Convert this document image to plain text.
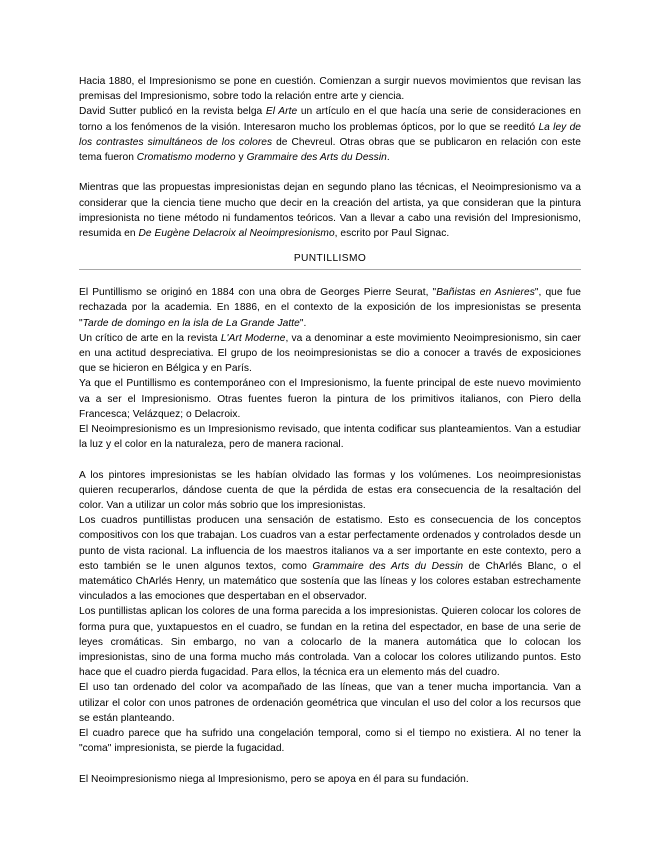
Hacia 1880, el Impresionismo se pone en cuestión. Comienzan a surgir nuevos movimientos que revisan las premisas del Impresionismo, sobre todo la relación entre arte y ciencia.

David Sutter publicó en la revista belga El Arte un artículo en el que hacía una serie de consideraciones en torno a los fenómenos de la visión. Interesaron mucho los problemas ópticos, por lo que se reeditó La ley de los contrastes simultáneos de los colores de Chevreul. Otras obras que se publicaron en relación con este tema fueron Cromatismo moderno y Grammaire des Arts du Dessin.

Mientras que las propuestas impresionistas dejan en segundo plano las técnicas, el Neoimpresionismo va a considerar que la ciencia tiene mucho que decir en la creación del artista, ya que consideran que la pintura impresionista no tiene método ni fundamentos teóricos. Van a llevar a cabo una revisión del Impresionismo, resumida en De Eugène Delacroix al Neoimpresionismo, escrito por Paul Signac.

PUNTILLISMO

El Puntillismo se originó en 1884 con una obra de Georges Pierre Seurat, "Bañistas en Asnieres", que fue rechazada por la academia. En 1886, en el contexto de la exposición de los impresionistas se presenta "Tarde de domingo en la isla de La Grande Jatte".

Un crítico de arte en la revista L'Art Moderne, va a denominar a este movimiento Neoimpresionismo, sin caer en una actitud despreciativa. El grupo de los neoimpresionistas se dio a conocer a través de exposiciones que se hicieron en Bélgica y en París.

Ya que el Puntillismo es contemporáneo con el Impresionismo, la fuente principal de este nuevo movimiento va a ser el Impresionismo. Otras fuentes fueron la pintura de los primitivos italianos, con Piero della Francesca; Velázquez; o Delacroix.

El Neoimpresionismo es un Impresionismo revisado, que intenta codificar sus planteamientos. Van a estudiar la luz y el color en la naturaleza, pero de manera racional.

A los pintores impresionistas se les habían olvidado las formas y los volúmenes. Los neoimpresionistas quieren recuperarlos, dándose cuenta de que la pérdida de estas era consecuencia de la resaltación del color. Van a utilizar un color más sobrio que los impresionistas.

Los cuadros puntillistas producen una sensación de estatismo. Esto es consecuencia de los conceptos compositivos con los que trabajan. Los cuadros van a estar perfectamente ordenados y controlados desde un punto de vista racional. La influencia de los maestros italianos va a ser importante en este contexto, pero a esto también se le unen algunos textos, como Grammaire des Arts du Dessin de ChArlés Blanc, o el matemático ChArlés Henry, un matemático que sostenía que las líneas y los colores estaban estrechamente vinculados a las emociones que despertaban en el observador.

Los puntillistas aplican los colores de una forma parecida a los impresionistas. Quieren colocar los colores de forma pura que, yuxtapuestos en el cuadro, se fundan en la retina del espectador, en base de una serie de leyes cromáticas. Sin embargo, no van a colocarlo de la manera automática que lo colocan los impresionistas, sino de una forma mucho más controlada. Van a colocar los colores utilizando puntos. Esto hace que el cuadro pierda fugacidad. Para ellos, la técnica era un elemento más del cuadro.

El uso tan ordenado del color va acompañado de las líneas, que van a tener mucha importancia. Van a utilizar el color con unos patrones de ordenación geométrica que vinculan el uso del color a los recursos que se están planteando.

El cuadro parece que ha sufrido una congelación temporal, como si el tiempo no existiera. Al no tener la "coma" impresionista, se pierde la fugacidad.

El Neoimpresionismo niega al Impresionismo, pero se apoya en él para su fundación.
